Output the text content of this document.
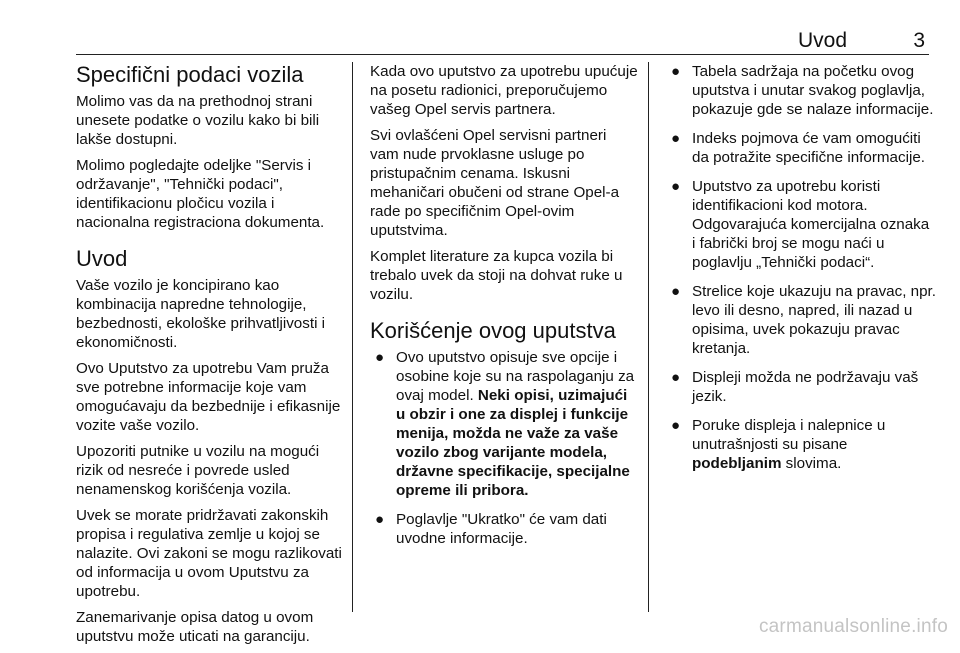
Uvod	3
Specifični podaci vozila

Molimo vas da na prethodnoj strani unesete podatke o vozilu kako bi bili lakše dostupni.

Molimo pogledajte odeljke "Servis i održavanje", "Tehnički podaci", identifikacionu pločicu vozila i nacionalna registraciona dokumenta.

Uvod

Vaše vozilo je koncipirano kao kombinacija napredne tehnologije, bezbednosti, ekološke prihvatljivosti i ekonomičnosti.

Ovo Uputstvo za upotrebu Vam pruža sve potrebne informacije koje vam omogućavaju da bezbednije i efikasnije vozite vaše vozilo.

Upozoriti putnike u vozilu na mogući rizik od nesreće i povrede usled nenamenskog korišćenja vozila.

Uvek se morate pridržavati zakonskih propisa i regulativa zemlje u kojoj se nalazite. Ovi zakoni se mogu razlikovati od informacija u ovom Uputstvu za upotrebu.

Zanemarivanje opisa datog u ovom uputstvu može uticati na garanciju.

Kada ovo uputstvo za upotrebu upućuje na posetu radionici, preporučujemo vašeg Opel servis partnera.

Svi ovlašćeni Opel servisni partneri vam nude prvoklasne usluge po pristupačnim cenama. Iskusni mehaničari obučeni od strane Opel-a rade po specifičnim Opel-ovim uputstvima.

Komplet literature za kupca vozila bi trebalo uvek da stoji na dohvat ruke u vozilu.

Korišćenje ovog uputstva
● Ovo uputstvo opisuje sve opcije i osobine koje su na raspolaganju za ovaj model. Neki opisi, uzimajući u obzir i one za displej i funkcije menija, možda ne važe za vaše vozilo zbog varijante modela, državne specifikacije, specijalne opreme ili pribora.
● Poglavlje "Ukratko" će vam dati uvodne informacije.
● Tabela sadržaja na početku ovog uputstva i unutar svakog poglavlja, pokazuje gde se nalaze informacije.
● Indeks pojmova će vam omogućiti da potražite specifične informacije.
● Uputstvo za upotrebu koristi identifikacioni kod motora. Odgovarajuća komercijalna oznaka i fabrički broj se mogu naći u poglavlju „Tehnički podaci“.
● Strelice koje ukazuju na pravac, npr. levo ili desno, napred, ili nazad u opisima, uvek pokazuju pravac kretanja.
● Displeji možda ne podržavaju vaš jezik.
● Poruke displeja i nalepnice u unutrašnjosti su pisane podebljanim slovima.
carmanualsonline.info
